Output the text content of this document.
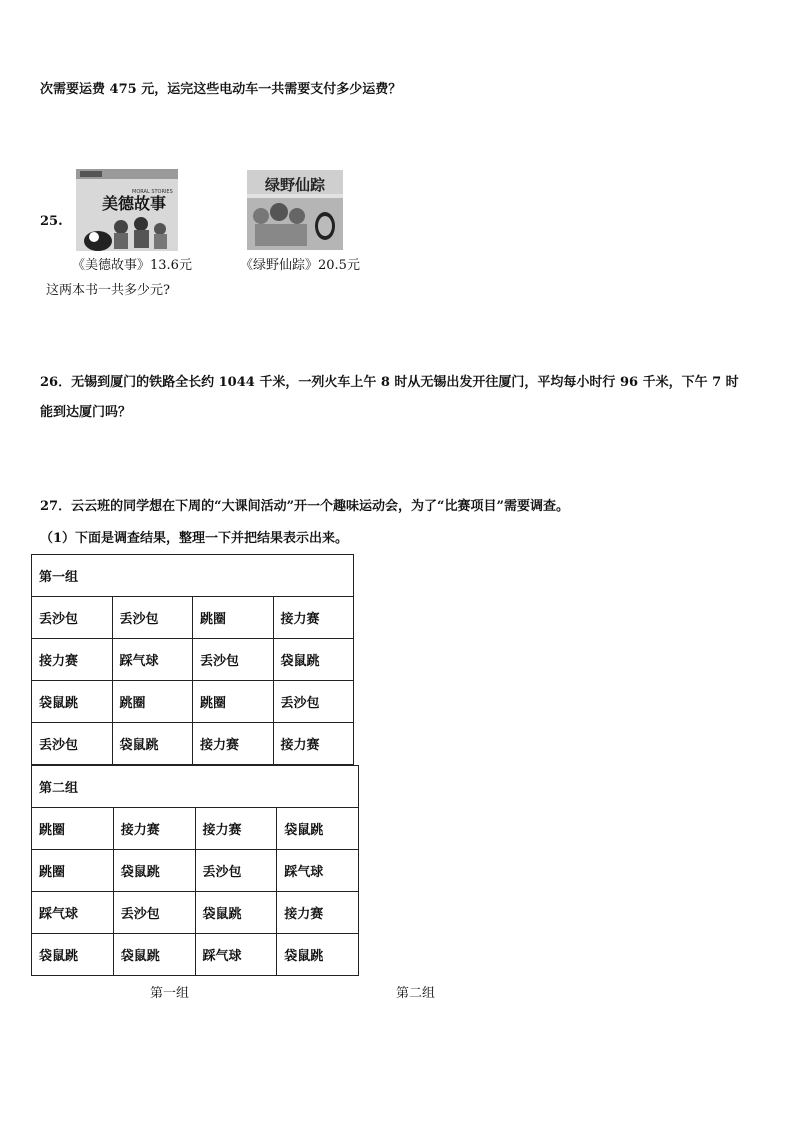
次需要运费 475 元，运完这些电动车一共需要支付多少运费？
25.
MORAL STORIES
美德故事
绿野仙踪
《美德故事》13.6元	《绿野仙踪》20.5元
这两本书一共多少元?
26．无锡到厦门的铁路全长约 1044 千米，一列火车上午 8 时从无锡出发开往厦门，平均每小时行 96 千米，下午 7 时
能到达厦门吗？
27．云云班的同学想在下周的“大课间活动”开一个趣味运动会，为了“比赛项目”需要调查。
（1）下面是调查结果，整理一下并把结果表示出来。
第一组			
丢沙包	丢沙包	跳圈	接力赛
接力赛	踩气球	丢沙包	袋鼠跳
袋鼠跳	跳圈	跳圈	丢沙包
丢沙包	袋鼠跳	接力赛	接力赛
第二组			
跳圈	接力赛	接力赛	袋鼠跳
跳圈	袋鼠跳	丢沙包	踩气球
踩气球	丢沙包	袋鼠跳	接力赛
袋鼠跳	袋鼠跳	踩气球	袋鼠跳
第一组	第二组
